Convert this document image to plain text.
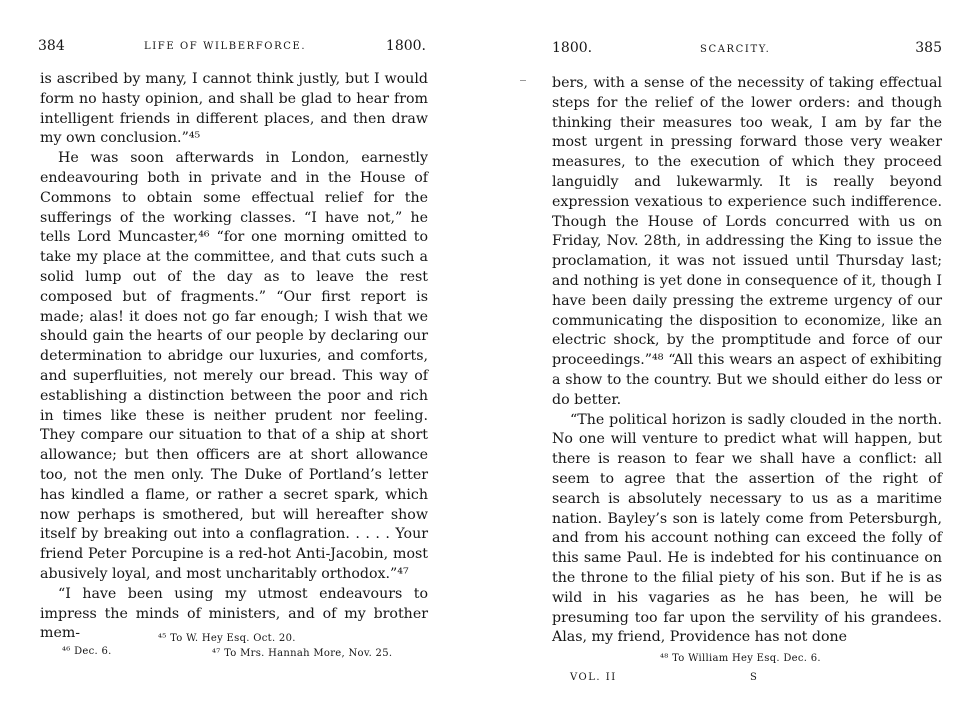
384	LIFE OF WILBERFORCE.	1800.

is ascribed by many, I cannot think justly, but I would form no hasty opinion, and shall be glad to hear from intelligent friends in different places, and then draw my own conclusion.”⁴⁵

He was soon afterwards in London, earnestly endeavouring both in private and in the House of Commons to obtain some effectual relief for the sufferings of the working classes. “I have not,” he tells Lord Muncaster,⁴⁶ “for one morning omitted to take my place at the committee, and that cuts such a solid lump out of the day as to leave the rest composed but of fragments.” “Our first report is made; alas! it does not go far enough; I wish that we should gain the hearts of our people by declaring our determination to abridge our luxuries, and comforts, and superfluities, not merely our bread. This way of establishing a distinction between the poor and rich in times like these is neither prudent nor feeling. They compare our situation to that of a ship at short allowance; but then officers are at short allowance too, not the men only. The Duke of Portland’s letter has kindled a flame, or rather a secret spark, which now perhaps is smothered, but will hereafter show itself by breaking out into a conflagration. . . . . Your friend Peter Porcupine is a red-hot Anti-Jacobin, most abusively loyal, and most uncharitably orthodox.”⁴⁷

“I have been using my utmost endeavours to impress the minds of ministers, and of my brother mem-	⁴⁵ To W. Hey Esq. Oct. 20.
⁴⁶ Dec. 6.	⁴⁷ To Mrs. Hannah More, Nov. 25.
1800.	SCARCITY.	385

bers, with a sense of the necessity of taking effectual steps for the relief of the lower orders: and though thinking their measures too weak, I am by far the most urgent in pressing forward those very weaker measures, to the execution of which they proceed languidly and lukewarmly. It is really beyond expression vexatious to experience such indifference. Though the House of Lords concurred with us on Friday, Nov. 28th, in addressing the King to issue the proclamation, it was not issued until Thursday last; and nothing is yet done in consequence of it, though I have been daily pressing the extreme urgency of our communicating the disposition to economize, like an electric shock, by the promptitude and force of our proceedings.”⁴⁸ “All this wears an aspect of exhibiting a show to the country. But we should either do less or do better.

“The political horizon is sadly clouded in the north. No one will venture to predict what will happen, but there is reason to fear we shall have a conflict: all seem to agree that the assertion of the right of search is absolutely necessary to us as a maritime nation. Bayley’s son is lately come from Petersburgh, and from his account nothing can exceed the folly of this same Paul. He is indebted for his continuance on the throne to the filial piety of his son. But if he is as wild in his vagaries as he has been, he will be presuming too far upon the servility of his grandees. Alas, my friend, Providence has not done

⁴⁸ To William Hey Esq. Dec. 6.
VOL. II	S
